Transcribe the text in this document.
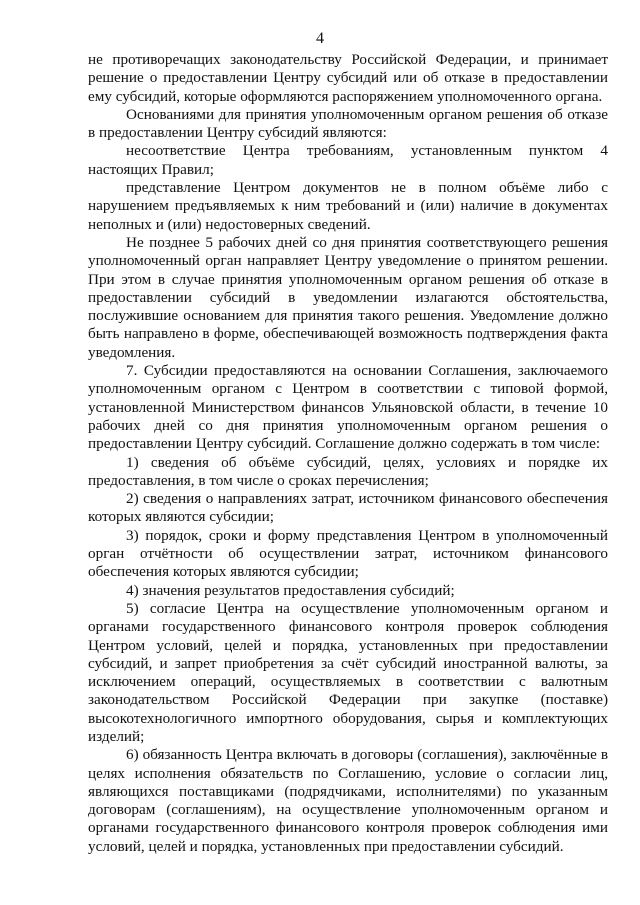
4

не противоречащих законодательству Российской Федерации, и принимает решение о предоставлении Центру субсидий или об отказе в предоставлении ему субсидий, которые оформляются распоряжением уполномоченного органа.

Основаниями для принятия уполномоченным органом решения об отказе в предоставлении Центру субсидий являются:

несоответствие Центра требованиям, установленным пунктом 4 настоящих Правил;

представление Центром документов не в полном объёме либо с нарушением предъявляемых к ним требований и (или) наличие в документах неполных и (или) недостоверных сведений.

Не позднее 5 рабочих дней со дня принятия соответствующего решения уполномоченный орган направляет Центру уведомление о принятом решении. При этом в случае принятия уполномоченным органом решения об отказе в предоставлении субсидий в уведомлении излагаются обстоятельства, послужившие основанием для принятия такого решения. Уведомление должно быть направлено в форме, обеспечивающей возможность подтверждения факта уведомления.

7. Субсидии предоставляются на основании Соглашения, заключаемого уполномоченным органом с Центром в соответствии с типовой формой, установленной Министерством финансов Ульяновской области, в течение 10 рабочих дней со дня принятия уполномоченным органом решения о предоставлении Центру субсидий. Соглашение должно содержать в том числе:

1) сведения об объёме субсидий, целях, условиях и порядке их предоставления, в том числе о сроках перечисления;

2) сведения о направлениях затрат, источником финансового обеспечения которых являются субсидии;

3) порядок, сроки и форму представления Центром в уполномоченный орган отчётности об осуществлении затрат, источником финансового обеспечения которых являются субсидии;

4) значения результатов предоставления субсидий;

5) согласие Центра на осуществление уполномоченным органом и органами государственного финансового контроля проверок соблюдения Центром условий, целей и порядка, установленных при предоставлении субсидий, и запрет приобретения за счёт субсидий иностранной валюты, за исключением операций, осуществляемых в соответствии с валютным законодательством Российской Федерации при закупке (поставке) высокотехнологичного импортного оборудования, сырья и комплектующих изделий;

6) обязанность Центра включать в договоры (соглашения), заключённые в целях исполнения обязательств по Соглашению, условие о согласии лиц, являющихся поставщиками (подрядчиками, исполнителями) по указанным договорам (соглашениям), на осуществление уполномоченным органом и органами государственного финансового контроля проверок соблюдения ими условий, целей и порядка, установленных при предоставлении субсидий.
